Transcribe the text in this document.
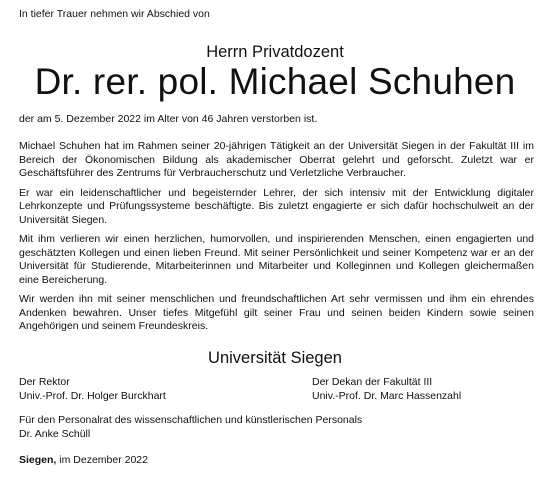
In tiefer Trauer nehmen wir Abschied von
Herrn Privatdozent
Dr. rer. pol. Michael Schuhen
der am 5. Dezember 2022 im Alter von 46 Jahren verstorben ist.

Michael Schuhen hat im Rahmen seiner 20-jährigen Tätigkeit an der Universität Siegen in der Fakultät III im Bereich der Ökonomischen Bildung als akademischer Oberrat gelehrt und geforscht. Zuletzt war er Geschäftsführer des Zentrums für Verbraucherschutz und Verletzliche Verbraucher.

Er war ein leidenschaftlicher und begeisternder Lehrer, der sich intensiv mit der Entwicklung digitaler Lehrkonzepte und Prüfungssysteme beschäftigte. Bis zuletzt engagierte er sich dafür hochschulweit an der Universität Siegen.

Mit ihm verlieren wir einen herzlichen, humorvollen, und inspirierenden Menschen, einen engagierten und geschätzten Kollegen und einen lieben Freund. Mit seiner Persönlichkeit und seiner Kompetenz war er an der Universität für Studierende, Mitarbeiterinnen und Mitarbeiter und Kolleginnen und Kollegen gleichermaßen eine Bereicherung.

Wir werden ihn mit seiner menschlichen und freundschaftlichen Art sehr vermissen und ihm ein ehrendes Andenken bewahren. Unser tiefes Mitgefühl gilt seiner Frau und seinen beiden Kindern sowie seinen Angehörigen und seinem Freundeskreis.

Universität Siegen
Der Rektor
Univ.-Prof. Dr. Holger Burckhart
Der Dekan der Fakultät III
Univ.-Prof. Dr. Marc Hassenzahl
Für den Personalrat des wissenschaftlichen und künstlerischen Personals
Dr. Anke Schüll
Siegen, im Dezember 2022
